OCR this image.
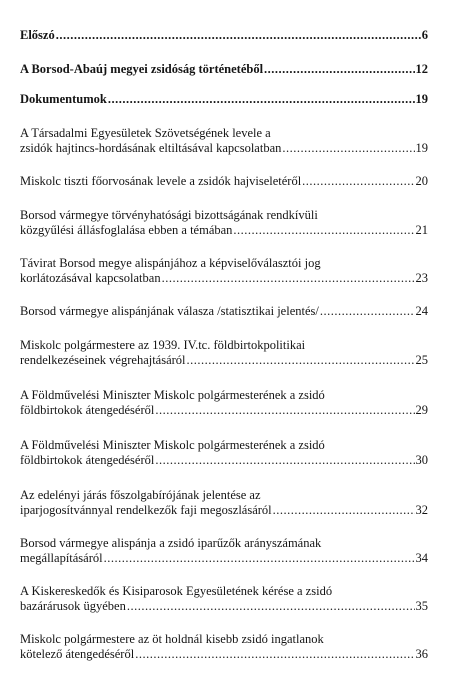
Előszó .....	6
A Borsod-Abaúj megyei zsidóság történetéből .....	12
Dokumentumok .....	19
A Társadalmi Egyesületek Szövetségének levele a
zsidók hajtincs-hordásának eltiltásával kapcsolatban .....	19
Miskolc tiszti főorvosának levele a zsidók hajviseletéről .....	20
Borsod vármegye törvényhatósági bizottságának rendkívüli
közgyűlési állásfoglalása ebben a témában .....	21
Távirat Borsod megye alispánjához a képviselőválasztói jog
korlátozásával kapcsolatban .....	23
Borsod vármegye alispánjának válasza /statisztikai jelentés/ .....	24
Miskolc polgármestere az 1939. IV.tc. földbirtokpolitikai
rendelkezéseinek végrehajtásáról .....	25
A Földművelési Miniszter Miskolc polgármesterének a zsidó
földbirtokok átengedéséről .....	29
A Földművelési Miniszter Miskolc polgármesterének a zsidó
földbirtokok átengedéséről .....	30
Az edelényi járás főszolgabírójának jelentése az
iparjogosítvánnyal rendelkezők faji megoszlásáról .....	32
Borsod vármegye alispánja a zsidó iparűzők arányszámának
megállapításáról .....	34
A Kiskereskedők és Kisiparosok Egyesületének kérése a zsidó
bazárárusok ügyében .....	35
Miskolc polgármestere az öt holdnál kisebb zsidó ingatlanok
kötelező átengedéséről .....	36
